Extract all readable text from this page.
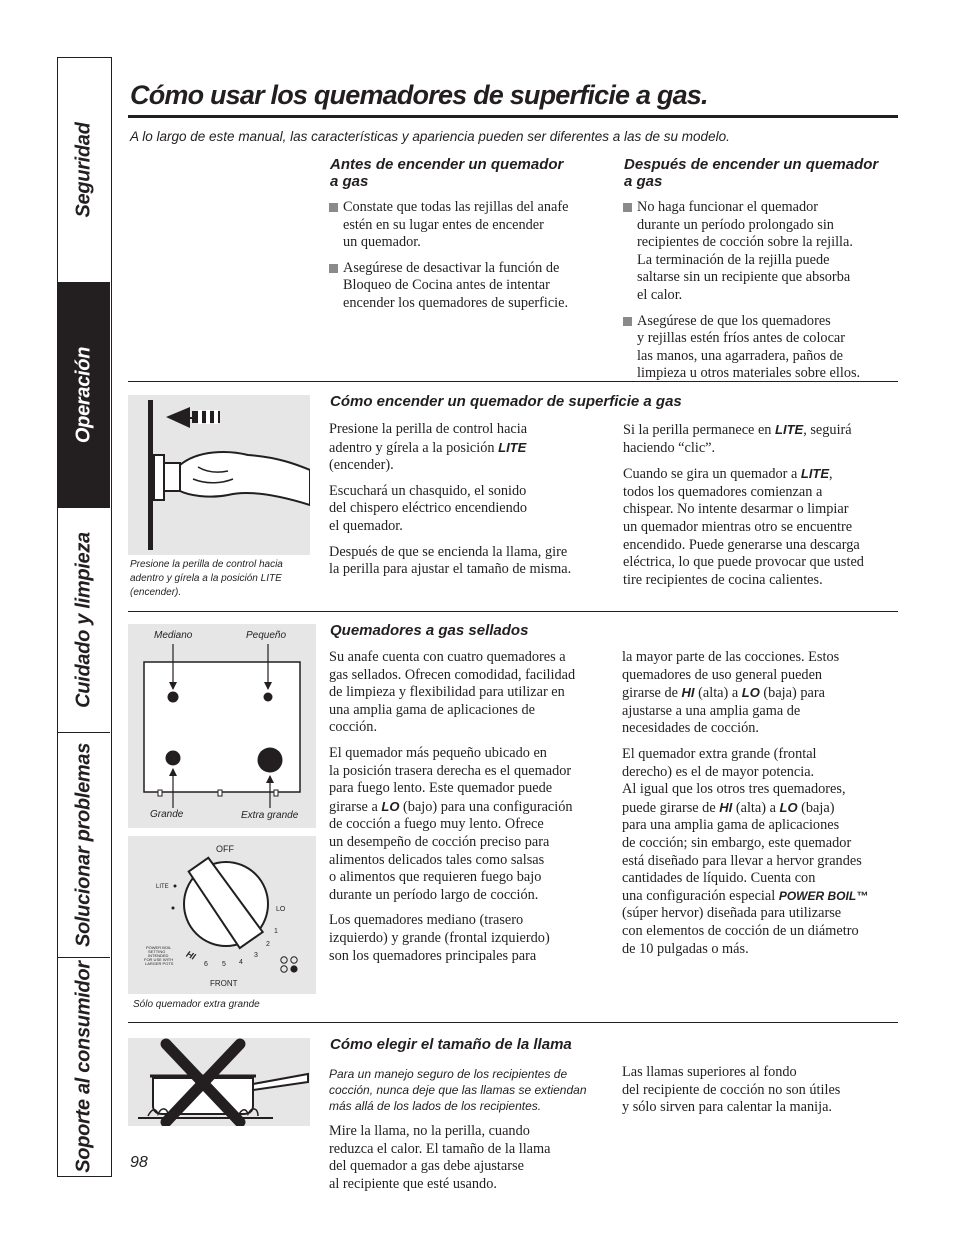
Seguridad
Operación
Cuidado y limpieza
Solucionar problemas
Soporte al consumidor
Cómo usar los quemadores de superficie a gas.
A lo largo de este manual, las características y apariencia pueden ser diferentes a las de su modelo.
Antes de encender un quemador
a gas
Constate que todas las rejillas del anafe
estén en su lugar entes de encender
un quemador.
Asegúrese de desactivar la función de
Bloqueo de Cocina antes de intentar
encender los quemadores de superficie.
Después de encender un quemador
a gas
No haga funcionar el quemador
durante un período prolongado sin
recipientes de cocción sobre la rejilla.
La terminación de la rejilla puede
saltarse sin un recipiente que absorba
el calor.
Asegúrese de que los quemadores
y rejillas estén fríos antes de colocar
las manos, una agarradera, paños de
limpieza u otros materiales sobre ellos.
Presione la perilla de control hacia
adentro y gírela a la posición LITE
(encender).
Cómo encender un quemador de superficie a gas

Presione la perilla de control hacia
adentro y gírela a la posición LITE
(encender).

Escuchará un chasquido, el sonido
del chispero eléctrico encendiendo
el quemador.

Después de que se encienda la llama, gire
la perilla para ajustar el tamaño de misma.

Si la perilla permanece en LITE, seguirá
haciendo “clic”.

Cuando se gira un quemador a LITE,
todos los quemadores comienzan a
chispear. No intente desarmar o limpiar
un quemador mientras otro se encuentre
encendido. Puede generarse una descarga
eléctrica, lo que puede provocar que usted
tire recipientes de cocina calientes.

Mediano	Pequeño
Grande	Extra grande
OFF
LITE
LO
POWER BOIL
SETTING
INTENDED
FOR USE WITH
LARGER POTS
HI
6 5 4
3
2
1
FRONT
Sólo quemador extra grande
Quemadores a gas sellados

Su anafe cuenta con cuatro quemadores a
gas sellados. Ofrecen comodidad, facilidad
de limpieza y flexibilidad para utilizar en
una amplia gama de aplicaciones de
cocción.

El quemador más pequeño ubicado en
la posición trasera derecha es el quemador
para fuego lento. Este quemador puede
girarse a LO (bajo) para una configuración
de cocción a fuego muy lento. Ofrece
un desempeño de cocción preciso para
alimentos delicados tales como salsas
o alimentos que requieren fuego bajo
durante un período largo de cocción.

Los quemadores mediano (trasero
izquierdo) y grande (frontal izquierdo)
son los quemadores principales para

la mayor parte de las cocciones. Estos
quemadores de uso general pueden
girarse de HI (alta) a LO (baja) para
ajustarse a una amplia gama de
necesidades de cocción.

El quemador extra grande (frontal
derecho) es el de mayor potencia.
Al igual que los otros tres quemadores,
puede girarse de HI (alta) a LO (baja)
para una amplia gama de aplicaciones
de cocción; sin embargo, este quemador
está diseñado para llevar a hervor grandes
cantidades de líquido. Cuenta con
una configuración especial POWER BOIL™
(súper hervor) diseñada para utilizarse
con elementos de cocción de un diámetro
de 10 pulgadas o más.

98
Cómo elegir el tamaño de la llama
Para un manejo seguro de los recipientes de
cocción, nunca deje que las llamas se extiendan
más allá de los lados de los recipientes.

Mire la llama, no la perilla, cuando
reduzca el calor. El tamaño de la llama
del quemador a gas debe ajustarse
al recipiente que esté usando.

Las llamas superiores al fondo
del recipiente de cocción no son útiles
y sólo sirven para calentar la manija.
